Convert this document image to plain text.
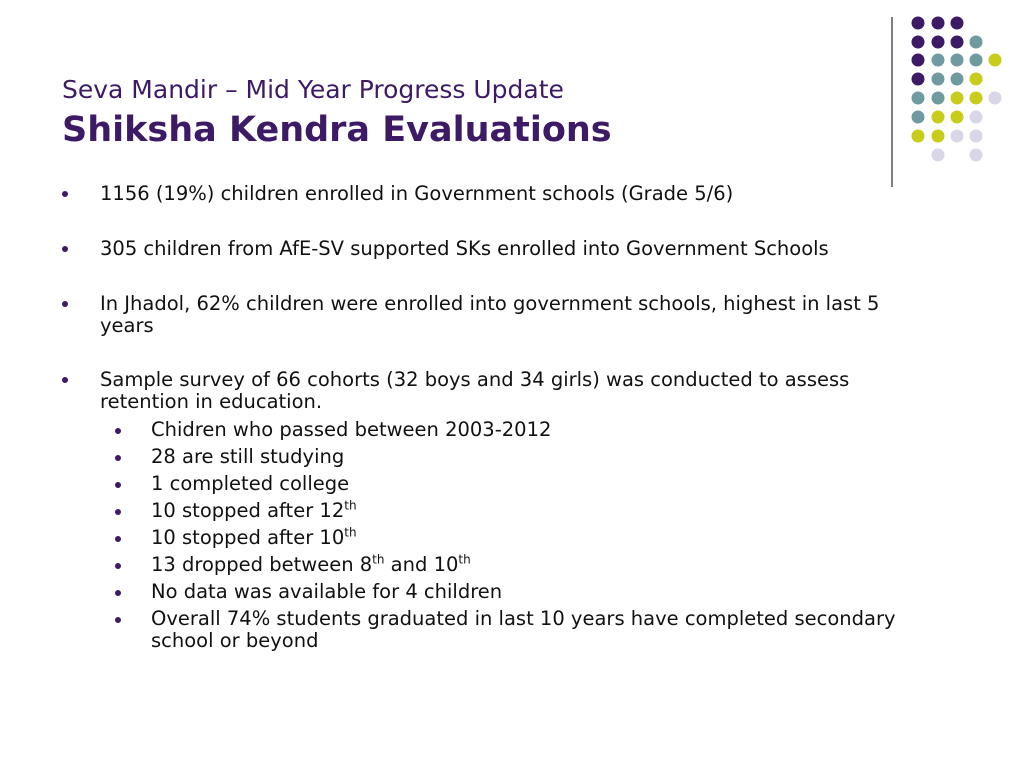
Seva Mandir – Mid Year Progress Update
Shiksha Kendra Evaluations
1156 (19%) children enrolled in Government schools (Grade 5/6)
305 children from AfE-SV supported SKs enrolled into Government Schools
In Jhadol, 62% children were enrolled into government schools, highest in last 5 years
Sample survey of 66 cohorts (32 boys and 34 girls) was conducted to assess retention in education.
Chidren who passed between 2003-2012
28 are still studying
1 completed college
10 stopped after 12th
10 stopped after 10th
13 dropped between 8th and 10th
No data was available for 4 children
Overall 74% students graduated in last 10 years have completed secondary school or beyond
